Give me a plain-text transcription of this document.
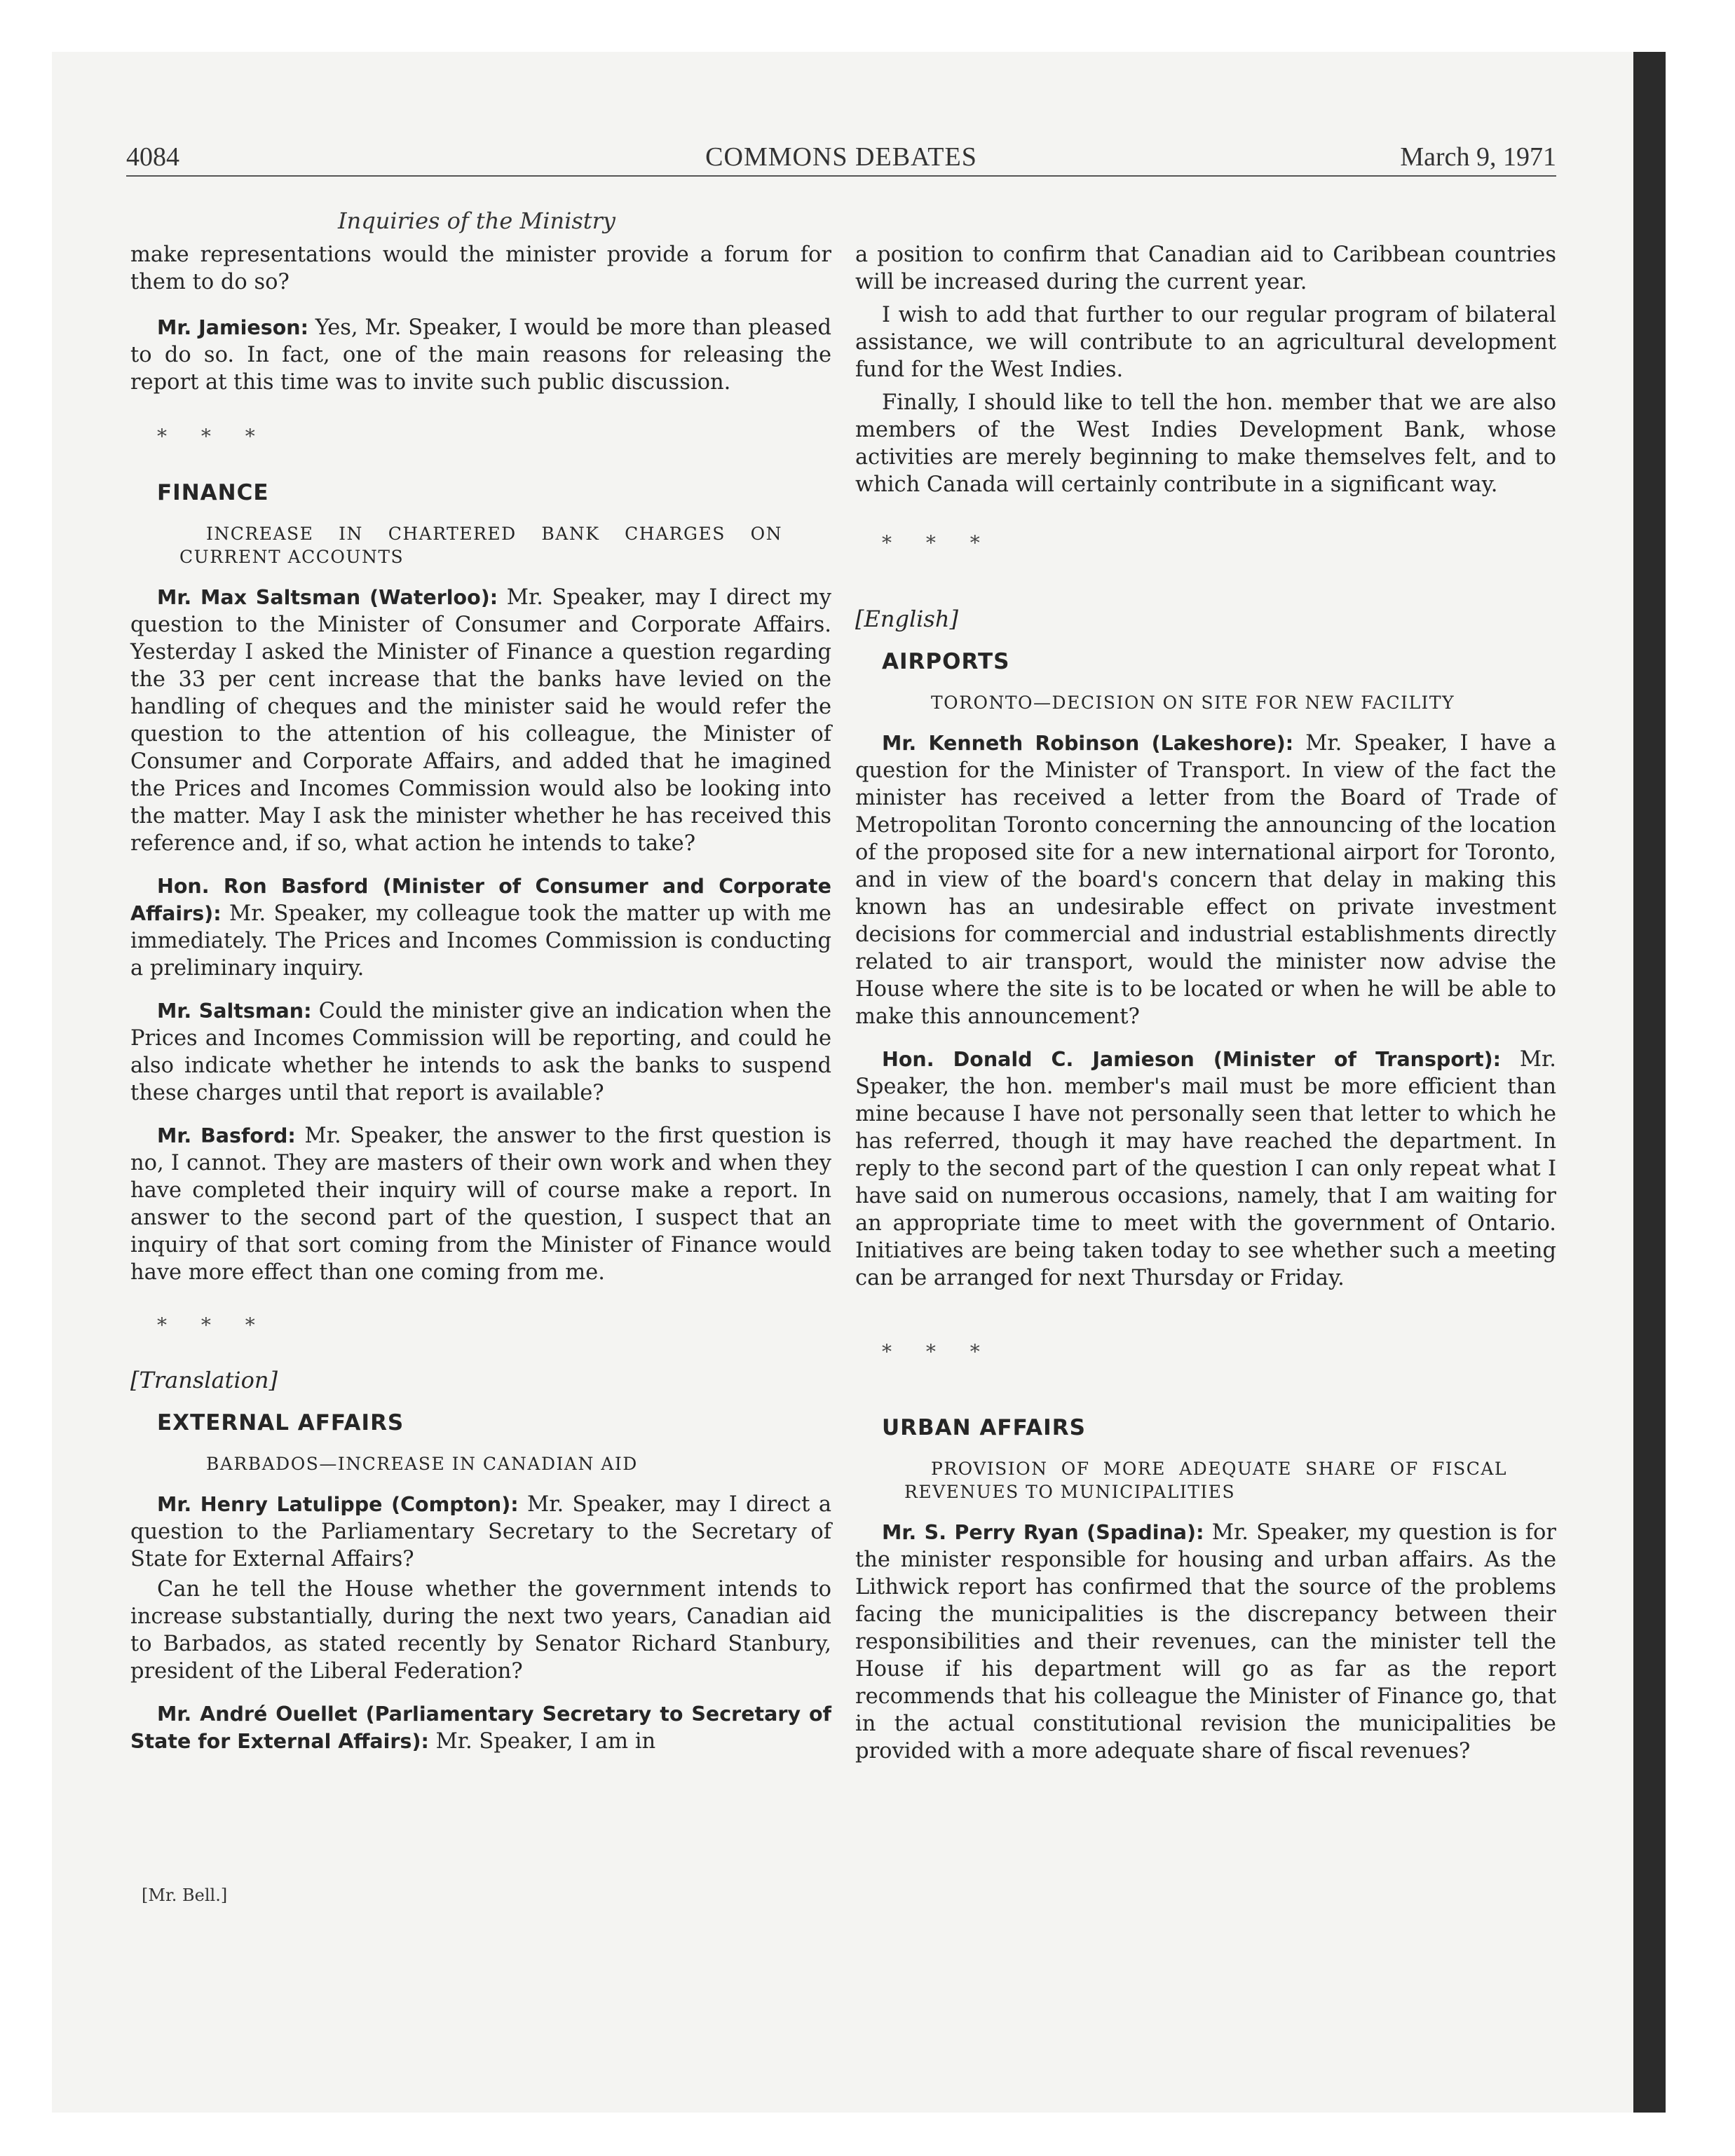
4084	COMMONS DEBATES	March 9, 1971
Inquiries of the Ministry

make representations would the minister provide a forum for them to do so?

Mr. Jamieson: Yes, Mr. Speaker, I would be more than pleased to do so. In fact, one of the main reasons for releasing the report at this time was to invite such public discussion.

* * *

FINANCE

INCREASE IN CHARTERED BANK CHARGES ON CURRENT ACCOUNTS

Mr. Max Saltsman (Waterloo): Mr. Speaker, may I direct my question to the Minister of Consumer and Corporate Affairs. Yesterday I asked the Minister of Finance a question regarding the 33 per cent increase that the banks have levied on the handling of cheques and the minister said he would refer the question to the attention of his colleague, the Minister of Consumer and Corporate Affairs, and added that he imagined the Prices and Incomes Commission would also be looking into the matter. May I ask the minister whether he has received this reference and, if so, what action he intends to take?

Hon. Ron Basford (Minister of Consumer and Corporate Affairs): Mr. Speaker, my colleague took the matter up with me immediately. The Prices and Incomes Commission is conducting a preliminary inquiry.

Mr. Saltsman: Could the minister give an indication when the Prices and Incomes Commission will be reporting, and could he also indicate whether he intends to ask the banks to suspend these charges until that report is available?

Mr. Basford: Mr. Speaker, the answer to the first question is no, I cannot. They are masters of their own work and when they have completed their inquiry will of course make a report. In answer to the second part of the question, I suspect that an inquiry of that sort coming from the Minister of Finance would have more effect than one coming from me.

* * *

[Translation]

EXTERNAL AFFAIRS

BARBADOS—INCREASE IN CANADIAN AID

Mr. Henry Latulippe (Compton): Mr. Speaker, may I direct a question to the Parliamentary Secretary to the Secretary of State for External Affairs?

Can he tell the House whether the government intends to increase substantially, during the next two years, Canadian aid to Barbados, as stated recently by Senator Richard Stanbury, president of the Liberal Federation?

Mr. André Ouellet (Parliamentary Secretary to Secretary of State for External Affairs): Mr. Speaker, I am in

[Mr. Bell.]

a position to confirm that Canadian aid to Caribbean countries will be increased during the current year.

I wish to add that further to our regular program of bilateral assistance, we will contribute to an agricultural development fund for the West Indies.

Finally, I should like to tell the hon. member that we are also members of the West Indies Development Bank, whose activities are merely beginning to make themselves felt, and to which Canada will certainly contribute in a significant way.

* * *

[English]

AIRPORTS

TORONTO—DECISION ON SITE FOR NEW FACILITY

Mr. Kenneth Robinson (Lakeshore): Mr. Speaker, I have a question for the Minister of Transport. In view of the fact the minister has received a letter from the Board of Trade of Metropolitan Toronto concerning the announcing of the location of the proposed site for a new international airport for Toronto, and in view of the board's concern that delay in making this known has an undesirable effect on private investment decisions for commercial and industrial establishments directly related to air transport, would the minister now advise the House where the site is to be located or when he will be able to make this announcement?

Hon. Donald C. Jamieson (Minister of Transport): Mr. Speaker, the hon. member's mail must be more efficient than mine because I have not personally seen that letter to which he has referred, though it may have reached the department. In reply to the second part of the question I can only repeat what I have said on numerous occasions, namely, that I am waiting for an appropriate time to meet with the government of Ontario. Initiatives are being taken today to see whether such a meeting can be arranged for next Thursday or Friday.

* * *

URBAN AFFAIRS

PROVISION OF MORE ADEQUATE SHARE OF FISCAL REVENUES TO MUNICIPALITIES

Mr. S. Perry Ryan (Spadina): Mr. Speaker, my question is for the minister responsible for housing and urban affairs. As the Lithwick report has confirmed that the source of the problems facing the municipalities is the discrepancy between their responsibilities and their revenues, can the minister tell the House if his department will go as far as the report recommends that his colleague the Minister of Finance go, that in the actual constitutional revision the municipalities be provided with a more adequate share of fiscal revenues?
